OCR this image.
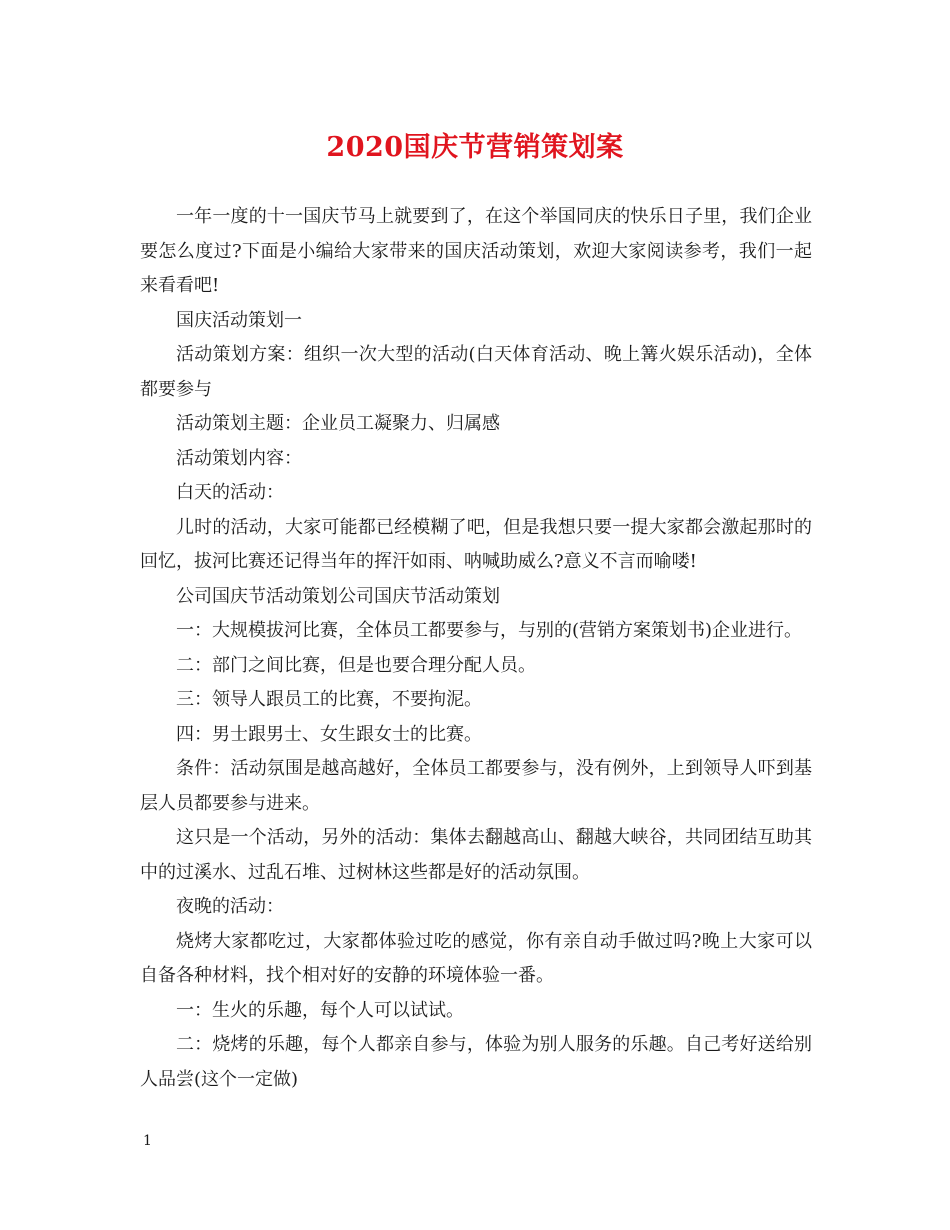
2020国庆节营销策划案

一年一度的十一国庆节马上就要到了，在这个举国同庆的快乐日子里，我们企业要怎么度过?下面是小编给大家带来的国庆活动策划，欢迎大家阅读参考，我们一起来看看吧!

国庆活动策划一

活动策划方案：组织一次大型的活动(白天体育活动、晚上篝火娱乐活动)，全体都要参与

活动策划主题：企业员工凝聚力、归属感

活动策划内容：

白天的活动：

儿时的活动，大家可能都已经模糊了吧，但是我想只要一提大家都会激起那时的回忆，拔河比赛还记得当年的挥汗如雨、呐喊助威么?意义不言而喻喽!

公司国庆节活动策划公司国庆节活动策划

一：大规模拔河比赛，全体员工都要参与，与别的(营销方案策划书)企业进行。

二：部门之间比赛，但是也要合理分配人员。

三：领导人跟员工的比赛，不要拘泥。

四：男士跟男士、女生跟女士的比赛。

条件：活动氛围是越高越好，全体员工都要参与，没有例外，上到领导人吓到基层人员都要参与进来。

这只是一个活动，另外的活动：集体去翻越高山、翻越大峡谷，共同团结互助其中的过溪水、过乱石堆、过树林这些都是好的活动氛围。

夜晚的活动：

烧烤大家都吃过，大家都体验过吃的感觉，你有亲自动手做过吗?晚上大家可以自备各种材料，找个相对好的安静的环境体验一番。

一：生火的乐趣，每个人可以试试。

二：烧烤的乐趣，每个人都亲自参与，体验为别人服务的乐趣。自己考好送给别人品尝(这个一定做)

1
